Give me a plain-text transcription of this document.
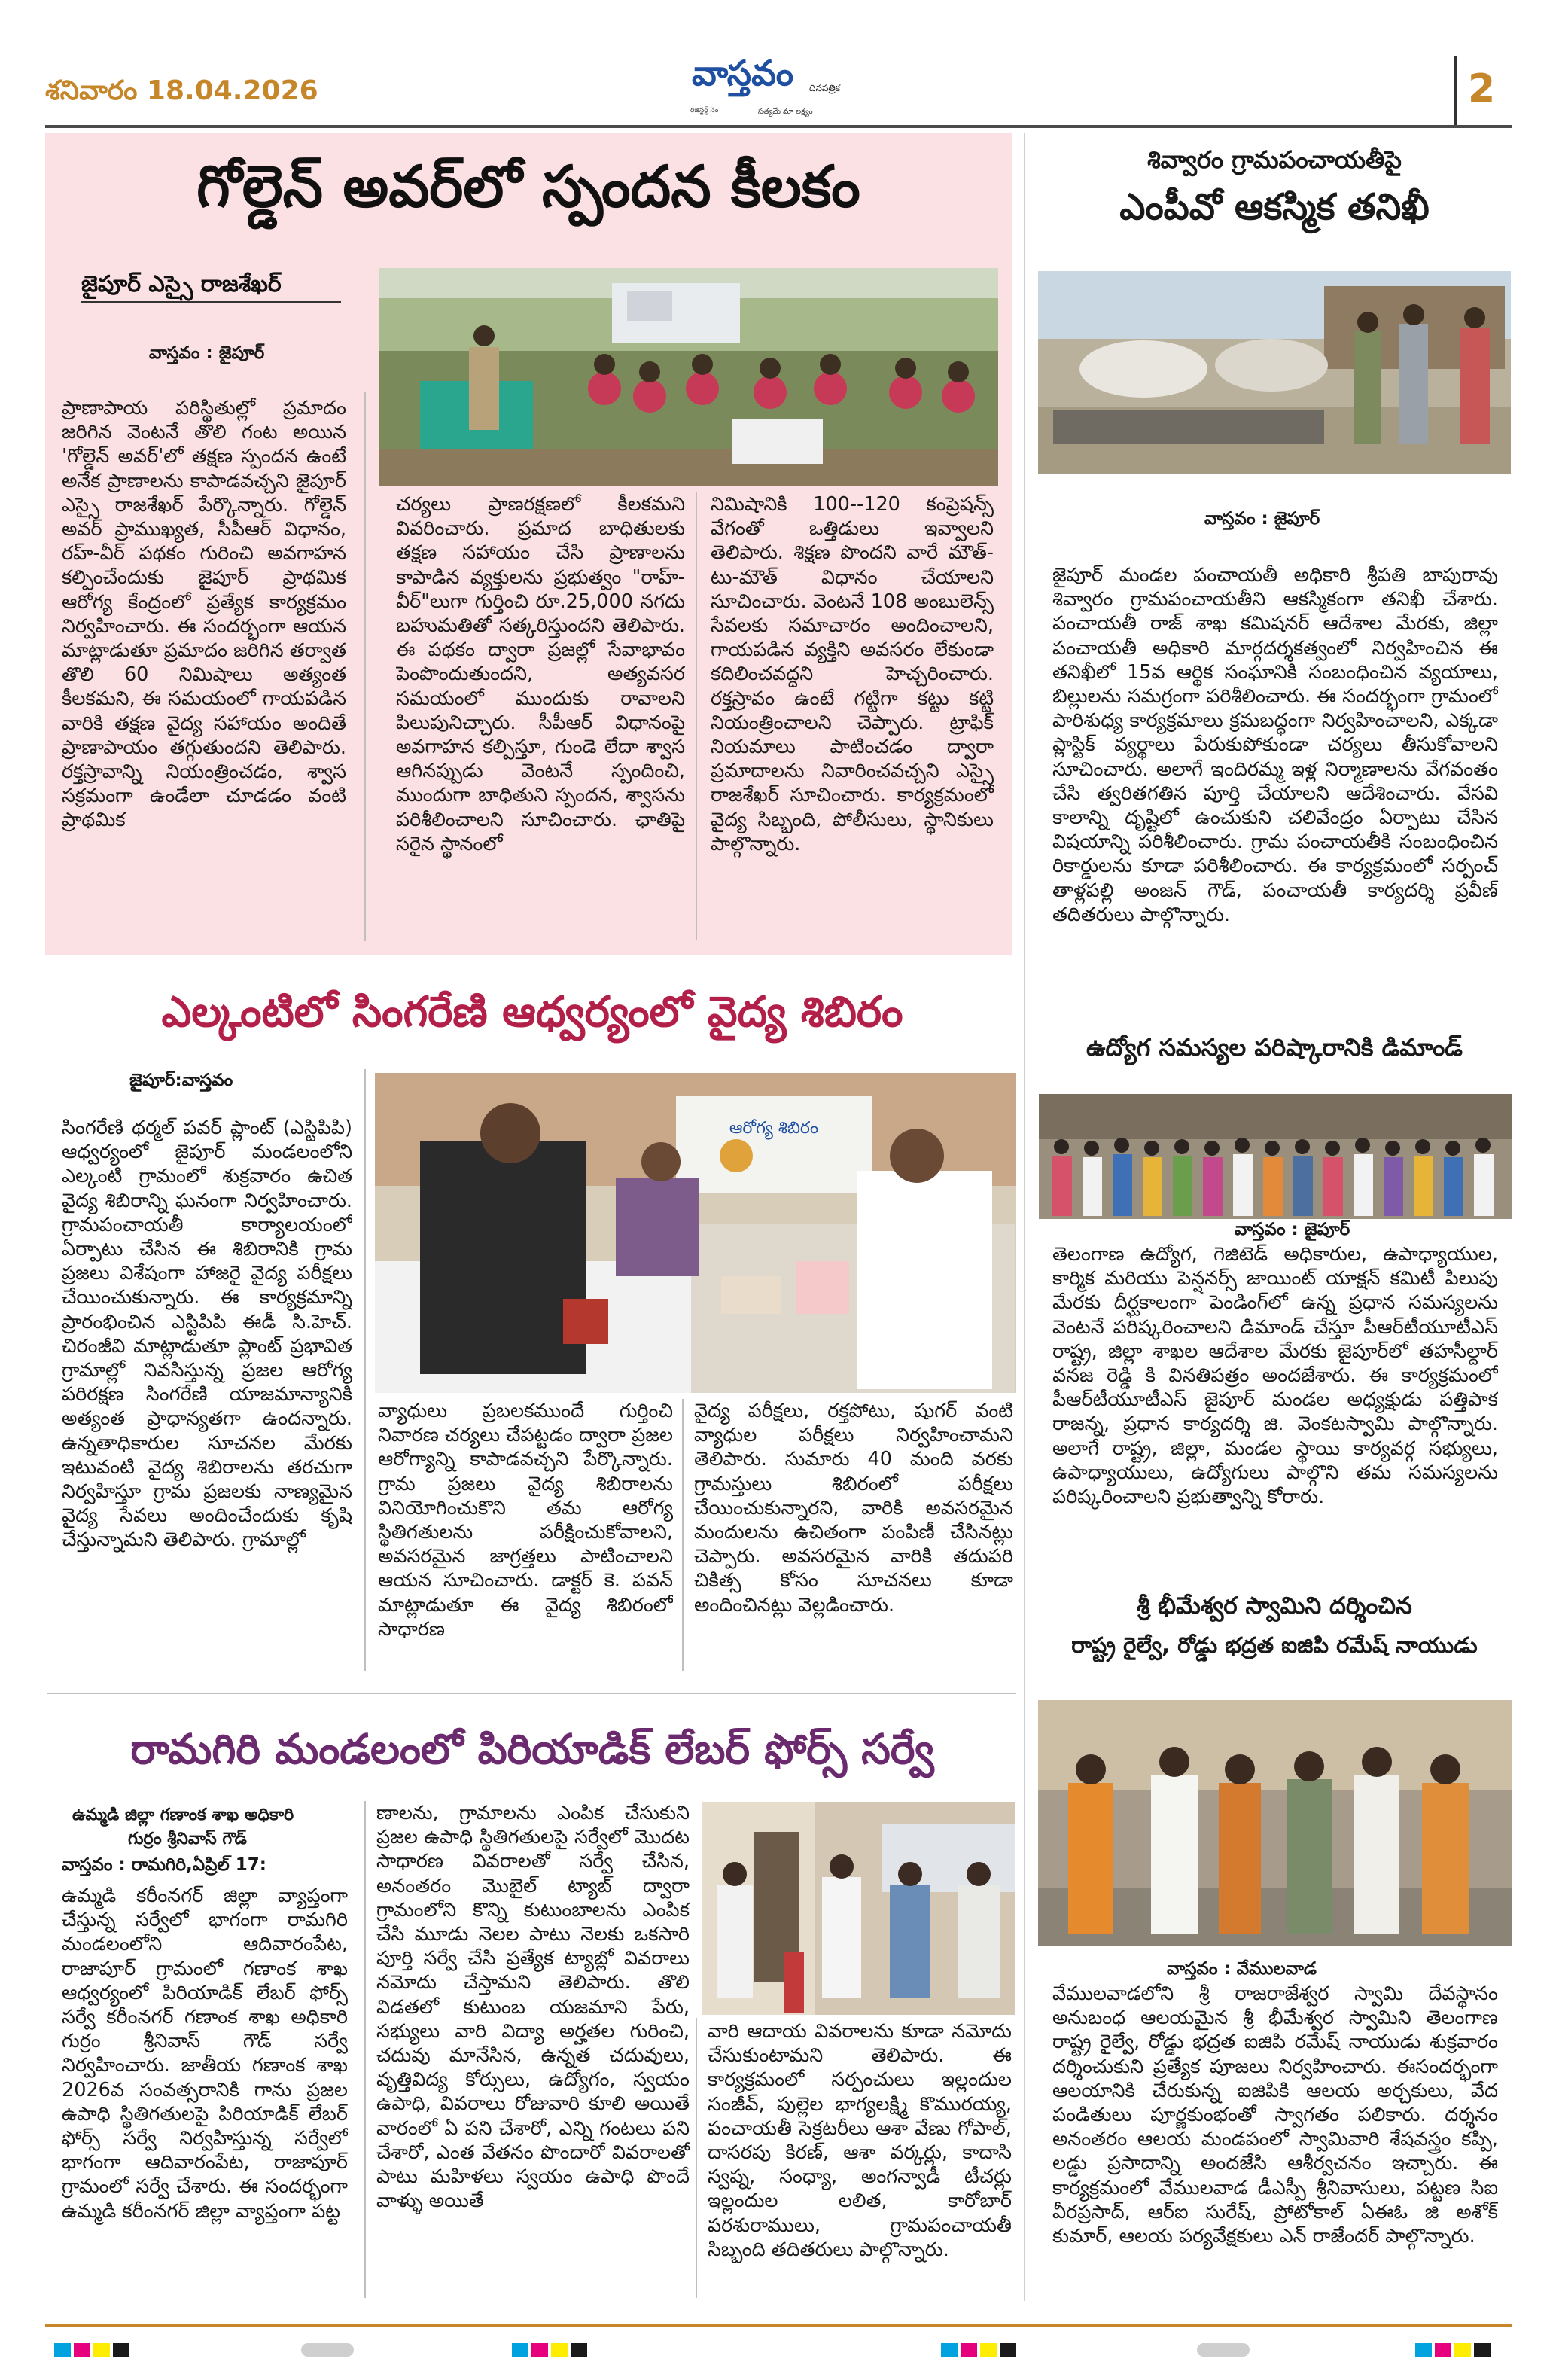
శనివారం 18.04.2026	వాస్తవం దినపత్రిక
రిజిస్టర్డ్ నెం	సత్యమే మా లక్ష్యం
2
గోల్డెన్ అవర్‌లో స్పందన కీలకం
జైపూర్ ఎస్సై రాజశేఖర్
వాస్తవం : జైపూర్
ప్రాణాపాయ పరిస్థితుల్లో ప్రమాదం జరిగిన వెంటనే తొలి గంట అయిన 'గోల్డెన్ అవర్'లో తక్షణ స్పందన ఉంటే అనేక ప్రాణాలను కాపాడవచ్చని జైపూర్ ఎస్సై రాజశేఖర్ పేర్కొన్నారు. గోల్డెన్ అవర్ ప్రాముఖ్యత, సీపీఆర్ విధానం, రహ్-వీర్ పథకం గురించి అవగాహన కల్పించేందుకు జైపూర్ ప్రాథమిక ఆరోగ్య కేంద్రంలో ప్రత్యేక కార్యక్రమం నిర్వహించారు. ఈ సందర్భంగా ఆయన మాట్లాడుతూ ప్రమాదం జరిగిన తర్వాత తొలి 60 నిమిషాలు అత్యంత కీలకమని, ఈ సమయంలో గాయపడిన వారికి తక్షణ వైద్య సహాయం అందితే ప్రాణాపాయం తగ్గుతుందని తెలిపారు. రక్తస్రావాన్ని నియంత్రించడం, శ్వాస సక్రమంగా ఉండేలా చూడడం వంటి ప్రాథమిక
చర్యలు ప్రాణరక్షణలో కీలకమని వివరించారు. ప్రమాద బాధితులకు తక్షణ సహాయం చేసి ప్రాణాలను కాపాడిన వ్యక్తులను ప్రభుత్వం "రాహ్-వీర్"లుగా గుర్తించి రూ.25,000 నగదు బహుమతితో సత్కరిస్తుందని తెలిపారు. ఈ పథకం ద్వారా ప్రజల్లో సేవాభావం పెంపొందుతుందని, అత్యవసర సమయంలో ముందుకు రావాలని పిలుపునిచ్చారు. సీపీఆర్ విధానంపై అవగాహన కల్పిస్తూ, గుండె లేదా శ్వాస ఆగినప్పుడు వెంటనే స్పందించి, ముందుగా బాధితుని స్పందన, శ్వాసను పరిశీలించాలని సూచించారు. ఛాతిపై సరైన స్థానంలో
నిమిషానికి 100--120 కంప్రెషన్స్ వేగంతో ఒత్తిడులు ఇవ్వాలని తెలిపారు. శిక్షణ పొందని వారే మౌత్-టు-మౌత్ విధానం చేయాలని సూచించారు. వెంటనే 108 అంబులెన్స్ సేవలకు సమాచారం అందించాలని, గాయపడిన వ్యక్తిని అవసరం లేకుండా కదిలించవద్దని హెచ్చరించారు. రక్తస్రావం ఉంటే గట్టిగా కట్టు కట్టి నియంత్రించాలని చెప్పారు. ట్రాఫిక్ నియమాలు పాటించడం ద్వారా ప్రమాదాలను నివారించవచ్చని ఎస్సై రాజశేఖర్ సూచించారు. కార్యక్రమంలో వైద్య సిబ్బంది, పోలీసులు, స్థానికులు పాల్గొన్నారు.
శివ్వారం గ్రామపంచాయతీపై
ఎంపీవో ఆకస్మిక తనిఖీ
వాస్తవం : జైపూర్
జైపూర్ మండల పంచాయతీ అధికారి శ్రీపతి బాపురావు శివ్వారం గ్రామపంచాయతీని ఆకస్మికంగా తనిఖీ చేశారు. పంచాయతీ రాజ్ శాఖ కమిషనర్ ఆదేశాల మేరకు, జిల్లా పంచాయతీ అధికారి మార్గదర్శకత్వంలో నిర్వహించిన ఈ తనిఖీలో 15వ ఆర్థిక సంఘానికి సంబంధించిన వ్యయాలు, బిల్లులను సమగ్రంగా పరిశీలించారు. ఈ సందర్భంగా గ్రామంలో పారిశుధ్య కార్యక్రమాలు క్రమబద్ధంగా నిర్వహించాలని, ఎక్కడా ప్లాస్టిక్ వ్యర్థాలు పేరుకుపోకుండా చర్యలు తీసుకోవాలని సూచించారు. అలాగే ఇందిరమ్మ ఇళ్ల నిర్మాణాలను వేగవంతం చేసి త్వరితగతిన పూర్తి చేయాలని ఆదేశించారు. వేసవి కాలాన్ని దృష్టిలో ఉంచుకుని చలివేంద్రం ఏర్పాటు చేసిన విషయాన్ని పరిశీలించారు. గ్రామ పంచాయతీకి సంబంధించిన రికార్డులను కూడా పరిశీలించారు. ఈ కార్యక్రమంలో సర్పంచ్ తాళ్లపల్లి అంజన్ గౌడ్, పంచాయతీ కార్యదర్శి ప్రవీణ్ తదితరులు పాల్గొన్నారు.
ఎల్కంటిలో సింగరేణి ఆధ్వర్యంలో వైద్య శిబిరం
జైపూర్:వాస్తవం
సింగరేణి థర్మల్ పవర్ ప్లాంట్ (ఎస్టిపిపి) ఆధ్వర్యంలో జైపూర్ మండలంలోని ఎల్కంటి గ్రామంలో శుక్రవారం ఉచిత వైద్య శిబిరాన్ని ఘనంగా నిర్వహించారు. గ్రామపంచాయతీ కార్యాలయంలో ఏర్పాటు చేసిన ఈ శిబిరానికి గ్రామ ప్రజలు విశేషంగా హాజరై వైద్య పరీక్షలు చేయించుకున్నారు. ఈ కార్యక్రమాన్ని ప్రారంభించిన ఎస్టిపిపి ఈడీ సి.హెచ్. చిరంజీవి మాట్లాడుతూ ప్లాంట్ ప్రభావిత గ్రామాల్లో నివసిస్తున్న ప్రజల ఆరోగ్య పరిరక్షణ సింగరేణి యాజమాన్యానికి అత్యంత ప్రాధాన్యతగా ఉందన్నారు. ఉన్నతాధికారుల సూచనల మేరకు ఇటువంటి వైద్య శిబిరాలను తరచుగా నిర్వహిస్తూ గ్రామ ప్రజలకు నాణ్యమైన వైద్య సేవలు అందించేందుకు కృషి చేస్తున్నామని తెలిపారు. గ్రామాల్లో
ఆరోగ్య శిబిరం
వ్యాధులు ప్రబలకముందే గుర్తించి నివారణ చర్యలు చేపట్టడం ద్వారా ప్రజల ఆరోగ్యాన్ని కాపాడవచ్చని పేర్కొన్నారు. గ్రామ ప్రజలు వైద్య శిబిరాలను వినియోగించుకొని తమ ఆరోగ్య స్థితిగతులను పరీక్షించుకోవాలని, అవసరమైన జాగ్రత్తలు పాటించాలని ఆయన సూచించారు. డాక్టర్ కె. పవన్ మాట్లాడుతూ ఈ వైద్య శిబిరంలో సాధారణ
వైద్య పరీక్షలు, రక్తపోటు, షుగర్ వంటి వ్యాధుల పరీక్షలు నిర్వహించామని తెలిపారు. సుమారు 40 మంది వరకు గ్రామస్తులు శిబిరంలో పరీక్షలు చేయించుకున్నారని, వారికి అవసరమైన మందులను ఉచితంగా పంపిణీ చేసినట్లు చెప్పారు. అవసరమైన వారికి తదుపరి చికిత్స కోసం సూచనలు కూడా అందించినట్లు వెల్లడించారు.
ఉద్యోగ సమస్యల పరిష్కారానికి డిమాండ్
వాస్తవం : జైపూర్
తెలంగాణ ఉద్యోగ, గెజిటెడ్ అధికారుల, ఉపాధ్యాయుల, కార్మిక మరియు పెన్షనర్స్ జాయింట్ యాక్షన్ కమిటీ పిలుపు మేరకు దీర్ఘకాలంగా పెండింగ్‌లో ఉన్న ప్రధాన సమస్యలను వెంటనే పరిష్కరించాలని డిమాండ్ చేస్తూ పీఆర్‌టీయూటీఎస్ రాష్ట్ర, జిల్లా శాఖల ఆదేశాల మేరకు జైపూర్‌లో తహసీల్దార్ వనజ రెడ్డి కి వినతిపత్రం అందజేశారు. ఈ కార్యక్రమంలో పీఆర్‌టీయూటీఎస్ జైపూర్ మండల అధ్యక్షుడు పత్తిపాక రాజన్న, ప్రధాన కార్యదర్శి జి. వెంకటస్వామి పాల్గొన్నారు. అలాగే రాష్ట్ర, జిల్లా, మండల స్థాయి కార్యవర్గ సభ్యులు, ఉపాధ్యాయులు, ఉద్యోగులు పాల్గొని తమ సమస్యలను పరిష్కరించాలని ప్రభుత్వాన్ని కోరారు.
శ్రీ భీమేశ్వర స్వామిని దర్శించిన
రాష్ట్ర రైల్వే, రోడ్డు భద్రత ఐజిపి రమేష్ నాయుడు
వాస్తవం : వేములవాడ
వేములవాడలోని శ్రీ రాజరాజేశ్వర స్వామి దేవస్థానం అనుబంధ ఆలయమైన శ్రీ భీమేశ్వర స్వామిని తెలంగాణ రాష్ట్ర రైల్వే, రోడ్డు భద్రత ఐజిపి రమేష్ నాయుడు శుక్రవారం దర్శించుకుని ప్రత్యేక పూజలు నిర్వహించారు. ఈసందర్భంగా ఆలయానికి చేరుకున్న ఐజిపికి ఆలయ అర్చకులు, వేద పండితులు పూర్ణకుంభంతో స్వాగతం పలికారు. దర్శనం అనంతరం ఆలయ మండపంలో స్వామివారి శేషవస్త్రం కప్పి, లడ్డు ప్రసాదాన్ని అందజేసి ఆశీర్వచనం ఇచ్చారు. ఈ కార్యక్రమంలో వేములవాడ డీఎస్పీ శ్రీనివాసులు, పట్టణ సిఐ వీరప్రసాద్, ఆర్ఐ సురేష్, ప్రోటోకాల్ ఏఈఓ జి అశోక్ కుమార్, ఆలయ పర్యవేక్షకులు ఎన్ రాజేందర్ పాల్గొన్నారు.
రామగిరి మండలంలో పిరియాడిక్ లేబర్ ఫోర్స్ సర్వే
ఉమ్మడి జిల్లా గణాంక శాఖ అధికారి
గుర్రం శ్రీనివాస్ గౌడ్
వాస్తవం : రామగిరి,ఏప్రిల్ 17:
ఉమ్మడి కరీంనగర్ జిల్లా వ్యాప్తంగా చేస్తున్న సర్వేలో భాగంగా రామగిరి మండలంలోని ఆదివారంపేట, రాజాపూర్ గ్రామంలో గణాంక శాఖ ఆధ్వర్యంలో పిరియాడిక్ లేబర్ ఫోర్స్ సర్వే కరీంనగర్ గణాంక శాఖ అధికారి గుర్రం శ్రీనివాస్ గౌడ్ సర్వే నిర్వహించారు. జాతీయ గణాంక శాఖ 2026వ సంవత్సరానికి గాను ప్రజల ఉపాధి స్థితిగతులపై పిరియాడిక్ లేబర్ ఫోర్స్ సర్వే నిర్వహిస్తున్న సర్వేలో భాగంగా ఆదివారంపేట, రాజాపూర్ గ్రామంలో సర్వే చేశారు. ఈ సందర్భంగా ఉమ్మడి కరీంనగర్ జిల్లా వ్యాప్తంగా పట్ట
ణాలను, గ్రామాలను ఎంపిక చేసుకుని ప్రజల ఉపాధి స్థితిగతులపై సర్వేలో మొదట సాధారణ వివరాలతో సర్వే చేసిన, అనంతరం మొబైల్ ట్యాబ్ ద్వారా గ్రామంలోని కొన్ని కుటుంబాలను ఎంపిక చేసి మూడు నెలల పాటు నెలకు ఒకసారి పూర్తి సర్వే చేసి ప్రత్యేక ట్యాబ్లో వివరాలు నమోదు చేస్తామని తెలిపారు. తొలి విడతలో కుటుంబ యజమాని పేరు, సభ్యులు వారి విద్యా అర్హతల గురించి, చదువు మానేసిన, ఉన్నత చదువులు, వృత్తివిద్య కోర్సులు, ఉద్యోగం, స్వయం ఉపాధి, వివరాలు రోజువారి కూలి అయితే వారంలో ఏ పని చేశారో, ఎన్ని గంటలు పని చేశారో, ఎంత వేతనం పొందారో వివరాలతో పాటు మహిళలు స్వయం ఉపాధి పొందే వాళ్ళు అయితే
వారి ఆదాయ వివరాలను కూడా నమోదు చేసుకుంటామని తెలిపారు. ఈ కార్యక్రమంలో సర్పంచులు ఇల్లందుల సంజీవ్, పుల్లెల భాగ్యలక్ష్మి కొమురయ్య, పంచాయతీ సెక్రటరీలు ఆశా వేణు గోపాల్, దాసరపు కిరణ్, ఆశా వర్కర్లు, కాదాసి స్వప్న, సంధ్యా, అంగన్వాడీ టీచర్లు ఇల్లందుల లలిత, కారోబార్ పరశురాములు, గ్రామపంచాయతీ సిబ్బంది తదితరులు పాల్గొన్నారు.
